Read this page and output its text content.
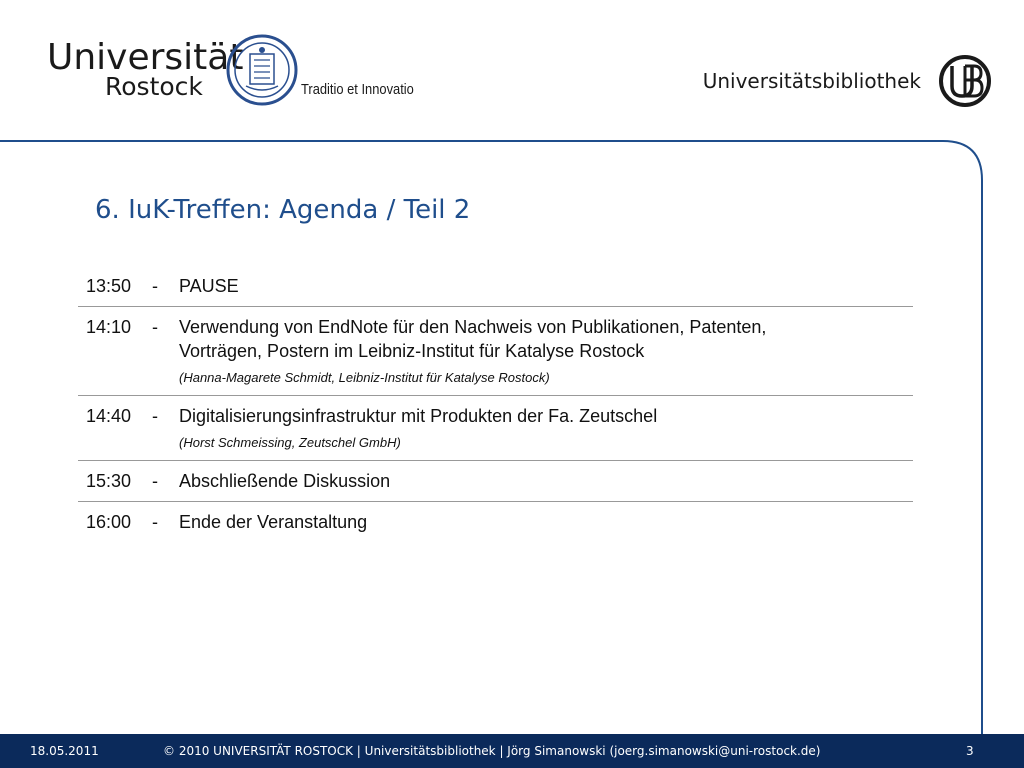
Universität
Rostock	Traditio et Innovatio	Universitätsbibliothek
6. IuK-Treffen: Agenda / Teil 2
13:50	-	PAUSE
14:10	-	Verwendung von EndNote für den Nachweis von Publikationen, Patenten,
Vorträgen, Postern im Leibniz-Institut für Katalyse Rostock
(Hanna-Magarete Schmidt, Leibniz-Institut für Katalyse Rostock)
14:40	-	Digitalisierungsinfrastruktur mit Produkten der Fa. Zeutschel
(Horst Schmeissing, Zeutschel GmbH)
15:30	-	Abschließende Diskussion
16:00	-	Ende der Veranstaltung
18.05.2011	© 2010 UNIVERSITÄT ROSTOCK | Universitätsbibliothek | Jörg Simanowski (joerg.simanowski@uni-rostock.de)	3
